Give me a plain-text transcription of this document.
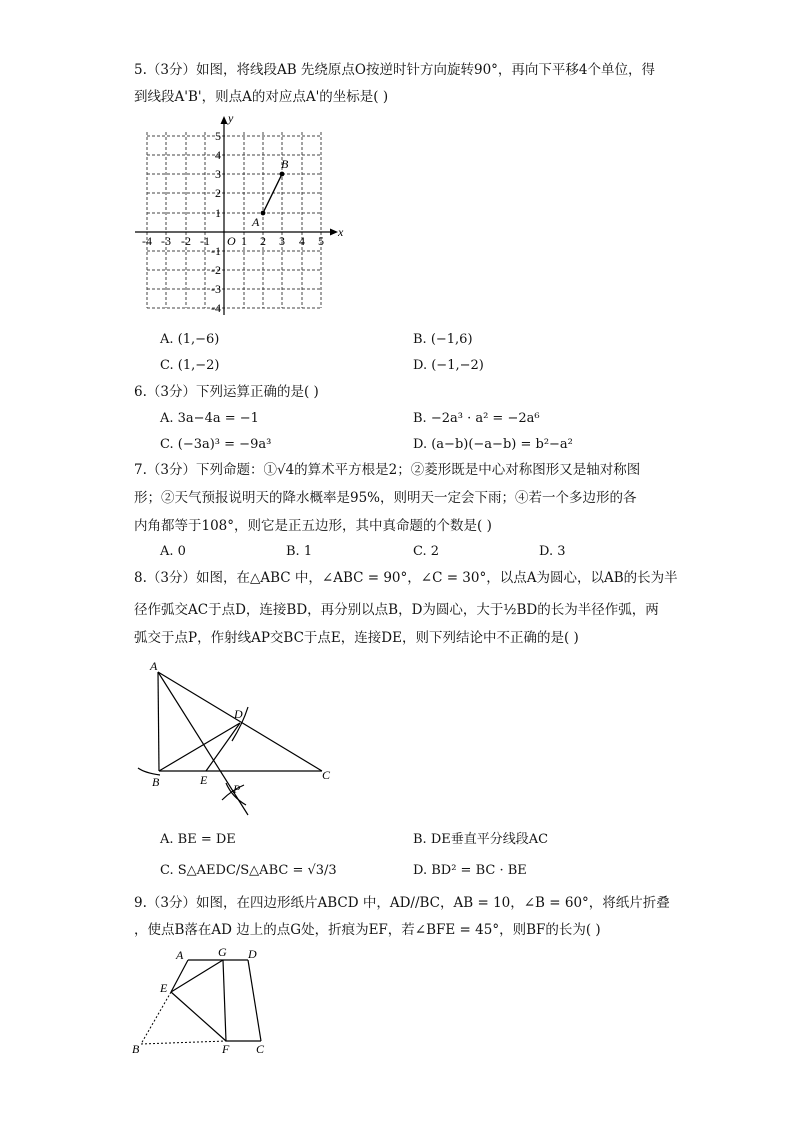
5.（3分）如图，将线段AB 先绕原点O按逆时针方向旋转90°，再向下平移4个单位，得
到线段A'B'，则点A的对应点A'的坐标是( )
x
y
O
-4 -3 -2 -1	1 2 3 4 5
5
4
3
2
1
-1
-2
-3
-4
A
B
A. (1,−6)	B. (−1,6)
C. (1,−2)	D. (−1,−2)
6.（3分）下列运算正确的是( )
A. 3a−4a = −1	B. −2a³ · a² = −2a⁶
C. (−3a)³ = −9a³	D. (a−b)(−a−b) = b²−a²
7.（3分）下列命题：①√4的算术平方根是2；②菱形既是中心对称图形又是轴对称图
形；②天气预报说明天的降水概率是95%，则明天一定会下雨；④若一个多边形的各
内角都等于108°，则它是正五边形，其中真命题的个数是( )
A. 0	B. 1	C. 2	D. 3
8.（3分）如图，在△ABC 中，∠ABC = 90°，∠C = 30°，以点A为圆心，以AB的长为半
径作弧交AC于点D，连接BD，再分别以点B，D为圆心，大于½BD的长为半径作弧，两
弧交于点P，作射线AP交BC于点E，连接DE，则下列结论中不正确的是( )
A
B	C
D
E
P
A. BE = DE	B. DE垂直平分线段AC
C. S△AEDC/S△ABC = √3/3	D. BD² = BC · BE
9.（3分）如图，在四边形纸片ABCD 中，AD//BC，AB = 10，∠B = 60°，将纸片折叠
，使点B落在AD 边上的点G处，折痕为EF，若∠BFE = 45°，则BF的长为( )
A	G D
E
B	F C
